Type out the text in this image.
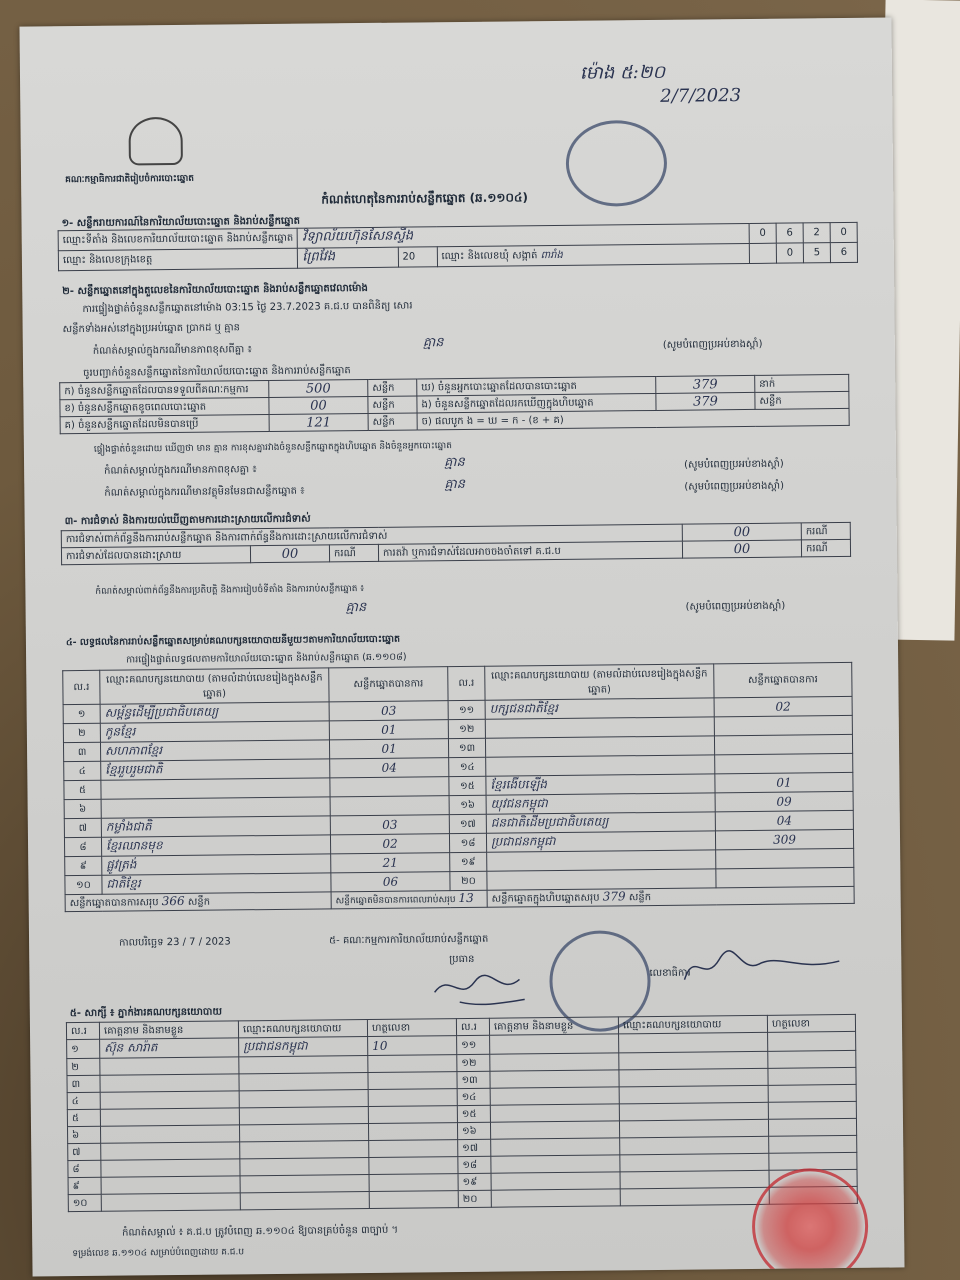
ម៉ោង ៥:២០
2/7/2023
គណៈកម្មាធិការជាតិរៀបចំការបោះឆ្នោត
កំណត់ហេតុនៃការរាប់សន្លឹកឆ្នោត (ឆ.១១០៤)
១- សន្លឹករាយការណ៍នៃការិយាល័យបោះឆ្នោត និងរាប់សន្លឹកឆ្នោត
ឈ្មោះទីតាំង និងលេខការិយាល័យបោះឆ្នោត និងរាប់សន្លឹកឆ្នោត	វិទ្យាល័យហ៊ុនសែនស្ទឹង			0	6	2	0
ឈ្មោះ និងលេខក្រុងខេត្ត	ព្រៃវែង	20	ឈ្មោះ និងលេខឃុំ សង្កាត់ ពារាំង		0	5	6
២- សន្លឹកឆ្នោតនៅក្នុងតួលេខនៃការិយាល័យបោះឆ្នោត និងរាប់សន្លឹកឆ្នោតវេលាម៉ោង
ការផ្ទៀងផ្ទាត់ចំនួនសន្លឹកឆ្នោតនៅម៉ោង 03:15 ថ្ងៃ 23.7.2023 គ.ជ.ប បានពិនិត្យ សោរ
សន្លឹកទាំងអស់នៅក្នុងប្រអប់ឆ្នោត ប្រាកដ ឬ គ្មាន
កំណត់សម្គាល់ក្នុងករណីមានភាពខុសពីគ្នា ៖
គ្មាន	(សូមបំពេញប្រអប់ខាងស្ដាំ)
ចូរបញ្ជាក់ចំនួនសន្លឹកឆ្នោតនៃការិយាល័យបោះឆ្នោត និងការរាប់សន្លឹកឆ្នោត
ក) ចំនួនសន្លឹកឆ្នោតដែលបានទទួលពីគណៈកម្មការ	500	សន្លឹក	ឃ) ចំនួនអ្នកបោះឆ្នោតដែលបានបោះឆ្នោត	379	នាក់
ខ) ចំនួនសន្លឹកឆ្នោតខូចពេលបោះឆ្នោត	00	សន្លឹក	ង) ចំនួនសន្លឹកឆ្នោតដែលរកឃើញក្នុងហិបឆ្នោត	379	សន្លឹក
គ) ចំនួនសន្លឹកឆ្នោតដែលមិនបានប្រើ	121	សន្លឹក	ច) ផលបូក ង = ឃ = ក - (ខ + គ)		
ផ្ទៀងផ្ទាត់ចំនួនដោយ ឃើញថា មាន គ្មាន ការខុសគ្នារវាងចំនួនសន្លឹកឆ្នោតក្នុងហិបឆ្នោត និងចំនួនអ្នកបោះឆ្នោត
កំណត់សម្គាល់ក្នុងករណីមានភាពខុសគ្នា ៖
គ្មាន	(សូមបំពេញប្រអប់ខាងស្ដាំ)
កំណត់សម្គាល់ក្នុងករណីមានវត្ថុមិនមែនជាសន្លឹកឆ្នោត ៖
គ្មាន	(សូមបំពេញប្រអប់ខាងស្ដាំ)
៣- ការជំទាស់ និងការយល់ឃើញតាមការដោះស្រាយលើការជំទាស់
ការជំទាស់ពាក់ព័ន្ធនឹងការរាប់សន្លឹកឆ្នោត និងការពាក់ព័ន្ធនឹងការដោះស្រាយលើការជំទាស់				00	ករណី
ការជំទាស់ដែលបានដោះស្រាយ	00	ករណី	ការតវ៉ា ឬការជំទាស់ដែលអាចចងចាំតទៅ គ.ជ.ប	00	ករណី
កំណត់សម្គាល់ពាក់ព័ន្ធនឹងការប្រតិបត្តិ និងការរៀបចំទីតាំង និងការរាប់សន្លឹកឆ្នោត ៖
គ្មាន	(សូមបំពេញប្រអប់ខាងស្ដាំ)
៤- លទ្ធផលនៃការរាប់សន្លឹកឆ្នោតសម្រាប់គណបក្សនយោបាយនីមួយៗតាមការិយាល័យបោះឆ្នោត
ការផ្ទៀងផ្ទាត់លទ្ធផលតាមការិយាល័យបោះឆ្នោត និងរាប់សន្លឹកឆ្នោត (ឆ.១១០៨)
ល.រ	ឈ្មោះគណបក្សនយោបាយ (តាមលំដាប់លេខរៀងក្នុងសន្លឹកឆ្នោត)	សន្លឹកឆ្នោតបានការ	ល.រ	ឈ្មោះគណបក្សនយោបាយ (តាមលំដាប់លេខរៀងក្នុងសន្លឹកឆ្នោត)	សន្លឹកឆ្នោតបានការ
១	សម្ព័ន្ធដើម្បីប្រជាធិបតេយ្យ	03	១១	បក្សជនជាតិខ្មែរ	02
២	កូនខ្មែរ	01	១២		
៣	សហភាពខ្មែរ	01	១៣		
៤	ខ្មែររួបរួមជាតិ	04	១៤		
៥			១៥	ខ្មែរងើបឡើង	01
៦			១៦	យុវជនកម្ពុជា	09
៧	កម្លាំងជាតិ	03	១៧	ជនជាតិដើមប្រជាធិបតេយ្យ	04
៨	ខ្មែរឈានមុខ	02	១៨	ប្រជាជនកម្ពុជា	309
៩	ផ្លូវត្រង់	21	១៩		
១០	ជាតិខ្មែរ	06	២០		
សន្លឹកឆ្នោតបានការសរុប 366 សន្លឹក		សន្លឹកឆ្នោតមិនបានការពេលរាប់សរុប 13		សន្លឹកឆ្នោតក្នុងហិបឆ្នោតសរុប 379 សន្លឹក	
កាលបរិច្ឆេទ 23 / 7 / 2023	៥- គណៈកម្មការការិយាល័យរាប់សន្លឹកឆ្នោត
ប្រធាន
លេខាធិការ
៥- សាក្សី ៖ ភ្នាក់ងារគណបក្សនយោបាយ
ល.រ	គោត្តនាម និងនាមខ្លួន	ឈ្មោះគណបក្សនយោបាយ	ហត្ថលេខា	ល.រ	គោត្តនាម និងនាមខ្លួន	ឈ្មោះគណបក្សនយោបាយ	ហត្ថលេខា
១	ស៊ុន សារ៉ាត	ប្រជាជនកម្ពុជា	10	១១			
២				១២			
៣				១៣			
៤				១៤			
៥				១៥			
៦				១៦			
៧				១៧			
៨				១៨			
៩				១៩			
១០				២០			
កំណត់សម្គាល់ ៖ គ.ជ.ប ត្រូវបំពេញ ឆ.១១០៤ ឱ្យបានគ្រប់ចំនួន ៣ច្បាប់ ។
ទម្រង់លេខ ឆ.១១០៤ សម្រាប់បំពេញដោយ គ.ជ.ប
